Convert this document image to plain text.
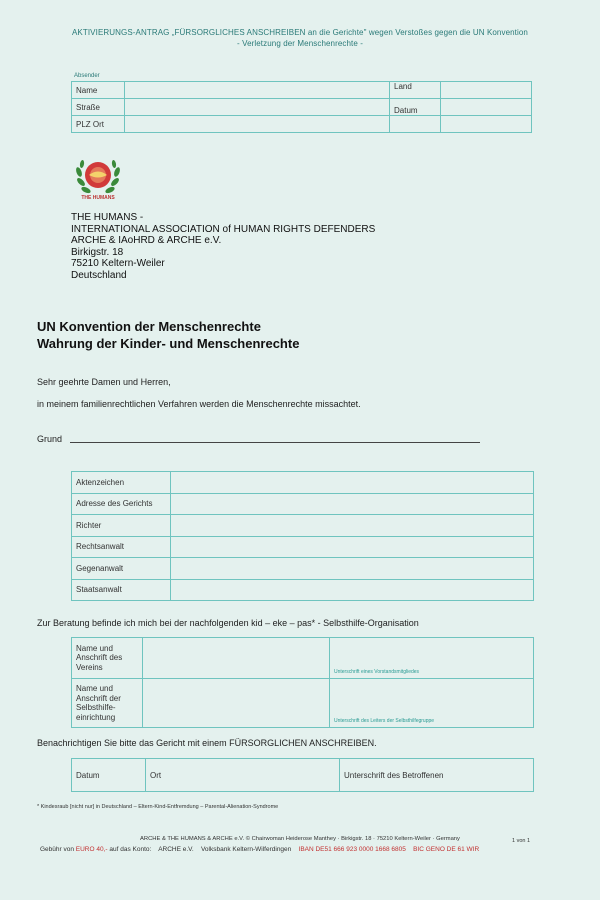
AKTIVIERUNGS-ANTRAG „FÜRSORGLICHES ANSCHREIBEN an die Gerichte" wegen Verstoßes gegen die UN Konvention
- Verletzung der Menschenrechte -
Absender
Name		Land	
Straße		Datum	
PLZ Ort			
THE HUMANS
THE HUMANS -
INTERNATIONAL ASSOCIATION of HUMAN RIGHTS DEFENDERS
ARCHE & IAoHRD & ARCHE e.V.
Birkigstr. 18
75210 Keltern-Weiler
Deutschland
UN Konvention der Menschenrechte
Wahrung der Kinder- und Menschenrechte
Sehr geehrte Damen und Herren,
in meinem familienrechtlichen Verfahren werden die Menschenrechte missachtet.
Grund
Aktenzeichen	
Adresse des Gerichts	
Richter	
Rechtsanwalt	
Gegenanwalt	
Staatsanwalt	
Zur Beratung befinde ich mich bei der nachfolgenden kid – eke – pas* - Selbsthilfe-Organisation
Name und Anschrift des Vereins		Unterschrift eines Vorstandsmitgliedes
Name und Anschrift der Selbsthilfe-einrichtung		Unterschrift des Leiters der Selbsthilfegruppe
Benachrichtigen Sie bitte das Gericht mit einem FÜRSORGLICHEN ANSCHREIBEN.
Datum	Ort	Unterschrift des Betroffenen
* Kindesraub [nicht nur] in Deutschland – Eltern-Kind-Entfremdung – Parental-Alienation-Syndrome
ARCHE & THE HUMANS & ARCHE e.V. © Chairwoman Heiderose Manthey · Birkigstr. 18 · 75210 Keltern-Weiler · Germany	1 von 1
Gebühr von EURO 40,- auf das Konto: ARCHE e.V. Volksbank Keltern-Wilferdingen IBAN DE51 666 923 0000 1668 6805 BIC GENO DE 61 WIR
